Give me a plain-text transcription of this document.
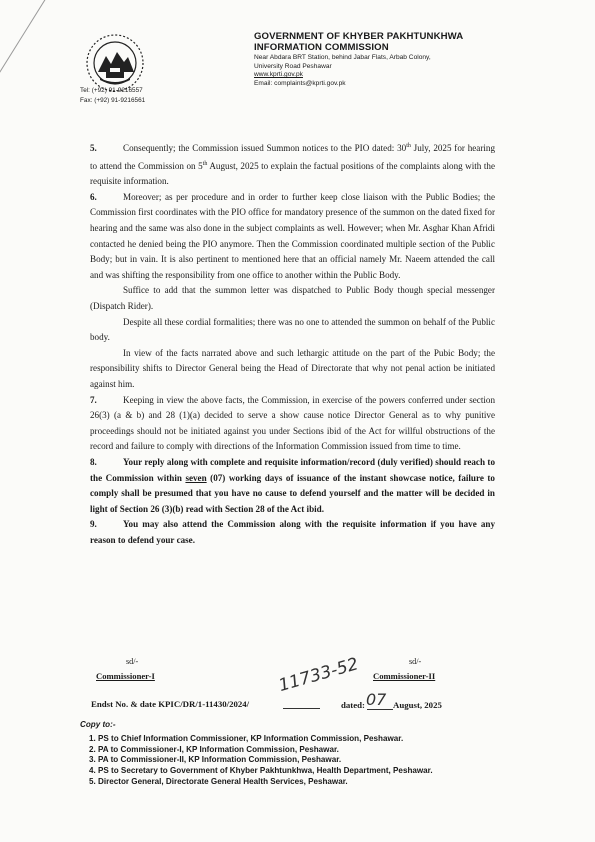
GOVERNMENT OF KHYBER PAKHTUNKHWA
INFORMATION COMMISSION
Near Abdara BRT Station, behind Jabar Flats, Arbab Colony,
University Road Peshawar
www.kprti.gov.pk
Email: complaints@kprti.gov.pk
Tel: (+92) 91-9216557
Fax: (+92) 91-9216561

5.	Consequently; the Commission issued Summon notices to the PIO dated: 30th July, 2025 for hearing to attend the Commission on 5th August, 2025 to explain the factual positions of the complaints along with the requisite information.

6.	Moreover; as per procedure and in order to further keep close liaison with the Public Bodies; the Commission first coordinates with the PIO office for mandatory presence of the summon on the dated fixed for hearing and the same was also done in the subject complaints as well. However; when Mr. Asghar Khan Afridi contacted he denied being the PIO anymore. Then the Commission coordinated multiple section of the Public Body; but in vain. It is also pertinent to mentioned here that an official namely Mr. Naeem attended the call and was shifting the responsibility from one office to another within the Public Body.

Suffice to add that the summon letter was dispatched to Public Body though special messenger (Dispatch Rider).

Despite all these cordial formalities; there was no one to attended the summon on behalf of the Public body.

In view of the facts narrated above and such lethargic attitude on the part of the Pubic Body; the responsibility shifts to Director General being the Head of Directorate that why not penal action be initiated against him.

7.	Keeping in view the above facts, the Commission, in exercise of the powers conferred under section 26(3) (a & b) and 28 (1)(a) decided to serve a show cause notice Director General as to why punitive proceedings should not be initiated against you under Sections ibid of the Act for willful obstructions of the record and failure to comply with directions of the Information Commission issued from time to time.

8.	Your reply along with complete and requisite information/record (duly verified) should reach to the Commission within seven (07) working days of issuance of the instant showcase notice, failure to comply shall be presumed that you have no cause to defend yourself and the matter will be decided in light of Section 26 (3)(b) read with Section 28 of the Act ibid.

9.	You may also attend the Commission along with the requisite information if you have any reason to defend your case.

sd/-
Commissioner-I
sd/-
Commissioner-II
Endst No. & date KPIC/DR/1-11430/2024/
11733-52
dated: 07 August, 2025
Copy to:-
1. PS to Chief Information Commissioner, KP Information Commission, Peshawar.
2. PA to Commissioner-I, KP Information Commission, Peshawar.
3. PA to Commissioner-II, KP Information Commission, Peshawar.
4. PS to Secretary to Government of Khyber Pakhtunkhwa, Health Department, Peshawar.
5. Director General, Directorate General Health Services, Peshawar.
